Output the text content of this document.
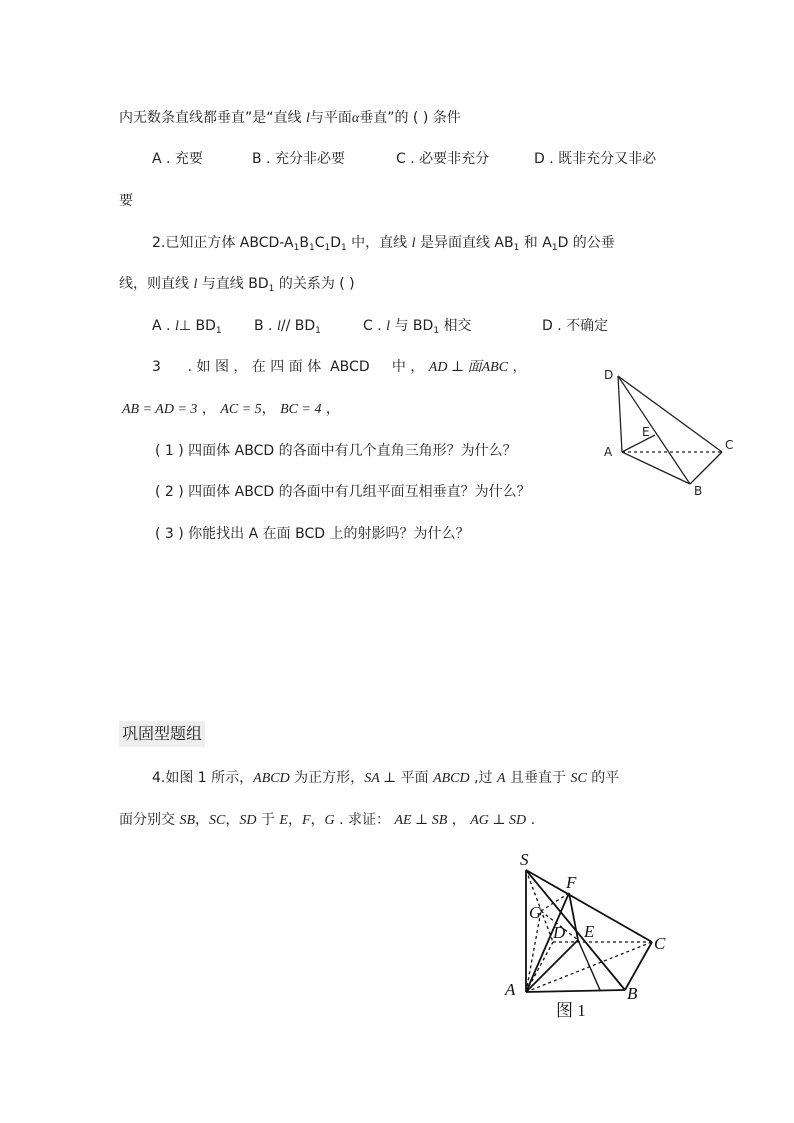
内无数条直线都垂直”是“直线 l与平面α垂直”的 ( ) 条件
A . 充要	B . 充分非必要	C . 必要非充分	D . 既非充分又非必
要
2.已知正方体 ABCD-$A_1B_1C_1D_1$ 中，直线 l 是异面直线 $AB_1$ 和 $A_1D$ 的公垂
线，则直线 l 与直线 $BD_1$ 的关系为 ( )
A . l⊥ $BD_1$ B . l// $BD_1$	C . l 与 $BD_1$ 相交	D . 不确定
3      . 如 图 ， 在 四 面 体  ABCD     中 ， AD ⊥ 面ABC ，
AB = AD = 3 ， AC = 5， BC = 4 ，
( 1 ) 四面体 ABCD 的各面中有几个直角三角形？为什么？
( 2 ) 四面体 ABCD 的各面中有几组平面互相垂直？为什么？
( 3 ) 你能找出 A 在面 BCD 上的射影吗？为什么？
D
E
A	C
B
巩固型题组
4.如图 1 所示，ABCD 为正方形，SA ⊥ 平面 ABCD ,过 A 且垂直于 SC 的平
面分别交 SB，SC，SD 于 E，F，G . 求证： AE ⊥ SB ， AG ⊥ SD .
S
F
G
D E
C
A	B
图 1
